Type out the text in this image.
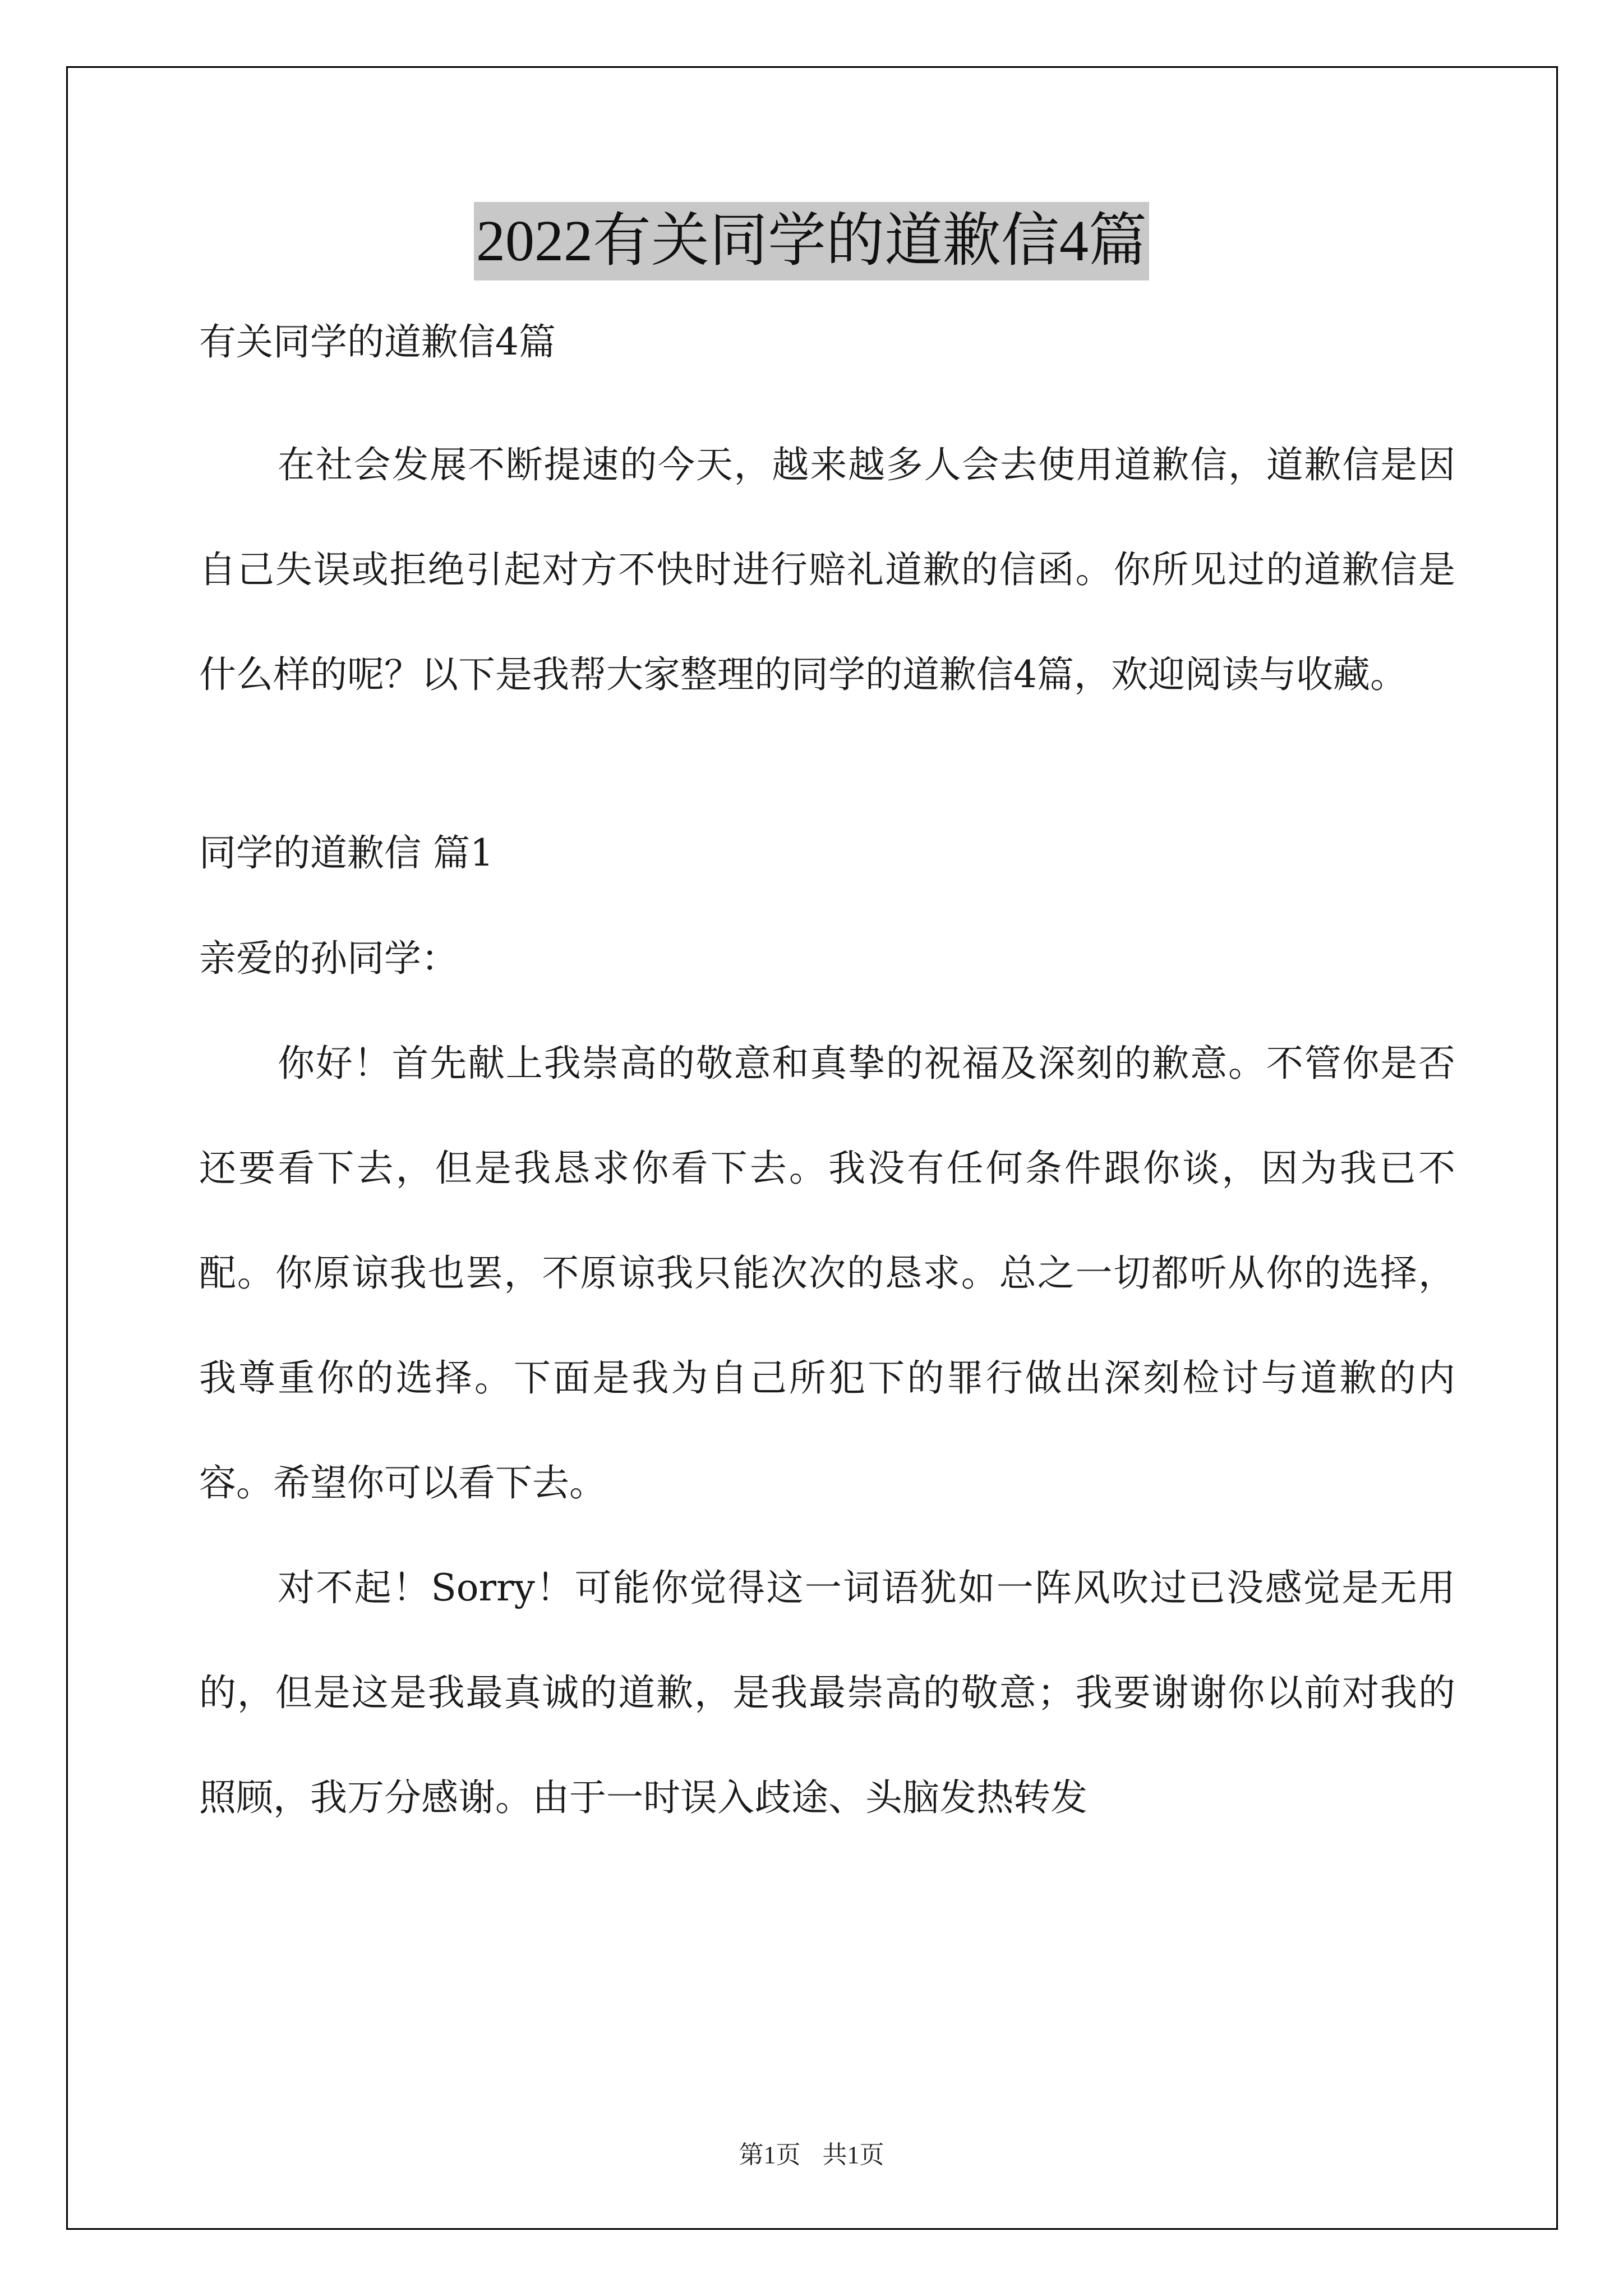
2022有关同学的道歉信4篇

有关同学的道歉信4篇

在社会发展不断提速的今天，越来越多人会去使用道歉信，道歉信是因自己失误或拒绝引起对方不快时进行赔礼道歉的信函。你所见过的道歉信是什么样的呢？以下是我帮大家整理的同学的道歉信4篇，欢迎阅读与收藏。

同学的道歉信 篇1

亲爱的孙同学：

你好！首先献上我崇高的敬意和真挚的祝福及深刻的歉意。不管你是否还要看下去，但是我恳求你看下去。我没有任何条件跟你谈，因为我已不配。你原谅我也罢，不原谅我只能次次的恳求。总之一切都听从你的选择，我尊重你的选择。下面是我为自己所犯下的罪行做出深刻检讨与道歉的内容。希望你可以看下去。

对不起！Sorry！可能你觉得这一词语犹如一阵风吹过已没感觉是无用的，但是这是我最真诚的道歉，是我最崇高的敬意；我要谢谢你以前对我的照顾，我万分感谢。由于一时误入歧途、头脑发热转发

第1页 共1页
